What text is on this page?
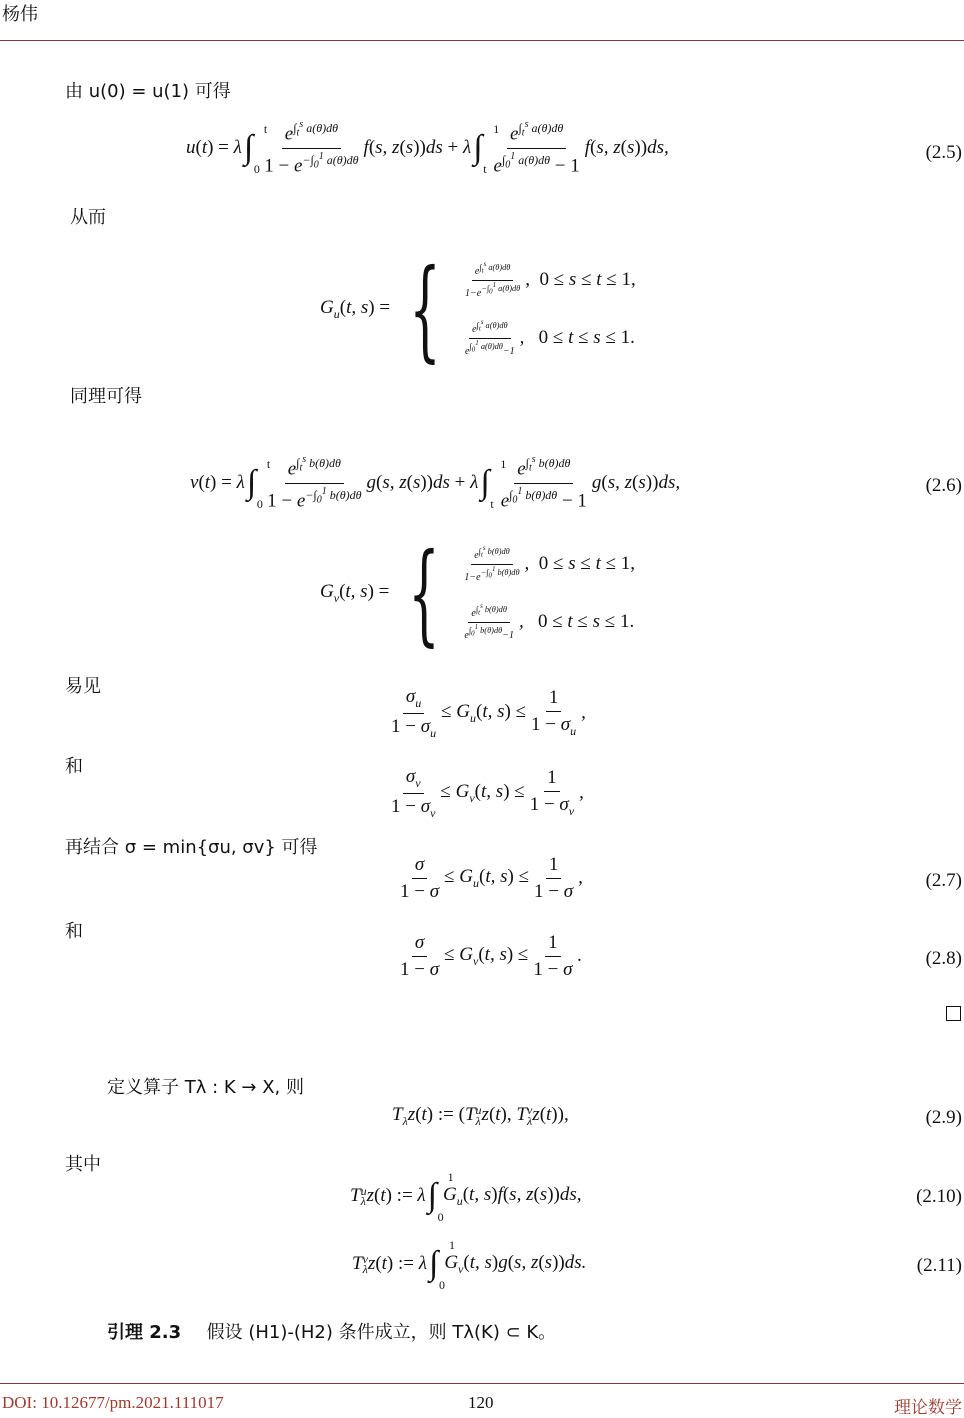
杨伟
由 u(0) = u(1) 可得
u(t) = λ ∫ t
$0 \frac{e^{\int_t^s a(\theta)d\theta}}{1 - e^{-\int_0^1 a(\theta)d\theta}} f(s$, z(s))ds + λ ∫ 1
t $\frac{e^{\int_t^s a(\theta)d\theta}}{e^{\int_0^1 a(\theta)d\theta} - 1} f(s$, z(s))ds,	(2.5)
从而
$G_u(t$, s) = { $\frac{e^{\int_t^s a(\theta)d\theta}}{1-e^{-\int_0^1 a(\theta)d\theta}}$ ,  0 ≤ s ≤ t ≤ 1,
$\frac{e^{\int_t^s a(\theta)d\theta}}{e^{\int_0^1 a(\theta)d\theta}-1}$ ,   0 ≤ t ≤ s ≤ 1.
同理可得
v(t) = λ ∫ t
$0 \frac{e^{\int_t^s b(\theta)d\theta}}{1 - e^{-\int_0^1 b(\theta)d\theta}} g(s$, z(s))ds + λ ∫ 1
t $\frac{e^{\int_t^s b(\theta)d\theta}}{e^{\int_0^1 b(\theta)d\theta} - 1} g(s$, z(s))ds,	(2.6)
$G_v(t$, s) = { $\frac{e^{\int_t^s b(\theta)d\theta}}{1-e^{-\int_0^1 b(\theta)d\theta}}$ ,  0 ≤ s ≤ t ≤ 1,
$\frac{e^{\int_t^s b(\theta)d\theta}}{e^{\int_0^1 b(\theta)d\theta}-1}$ ,   0 ≤ t ≤ s ≤ 1.
易见	$\frac{\sigma_u}{1 - \sigma_u} \le G_u(t$, $s) \le \frac{1}{1 - \sigma_u}$ ,
和	$\frac{\sigma_v}{1 - \sigma_v} \le G_v(t$, $s) \le \frac{1}{1 - \sigma_v}$ ,
再结合 σ = min{σu, σv} 可得
$\frac{\sigma}{1 - \sigma} \le G_u(t$, $s) \le \frac{1}{1 - \sigma}$ ,	(2.7)
和
$\frac{\sigma}{1 - \sigma} \le G_v(t$, $s) \le \frac{1}{1 - \sigma}$ .	(2.8)
定义算子 Tλ : K → X, 则
$T_\lambda z(t)$ := (T u
λ z(t), T v
λ z(t)),	(2.9)
其中
T u
λ z(t) := λ ∫ 1
0
$G_u(t$, s)f(s, z(s))ds,	(2.10)
T v
λ z(t) := λ ∫ 1
0
$G_v(t$, s)g(s, z(s))ds.	(2.11)
引理 2.3 假设 (H1)-(H2) 条件成立，则 Tλ(K) ⊂ K。
DOI: 10.12677/pm.2021.111017	120	理论数学
